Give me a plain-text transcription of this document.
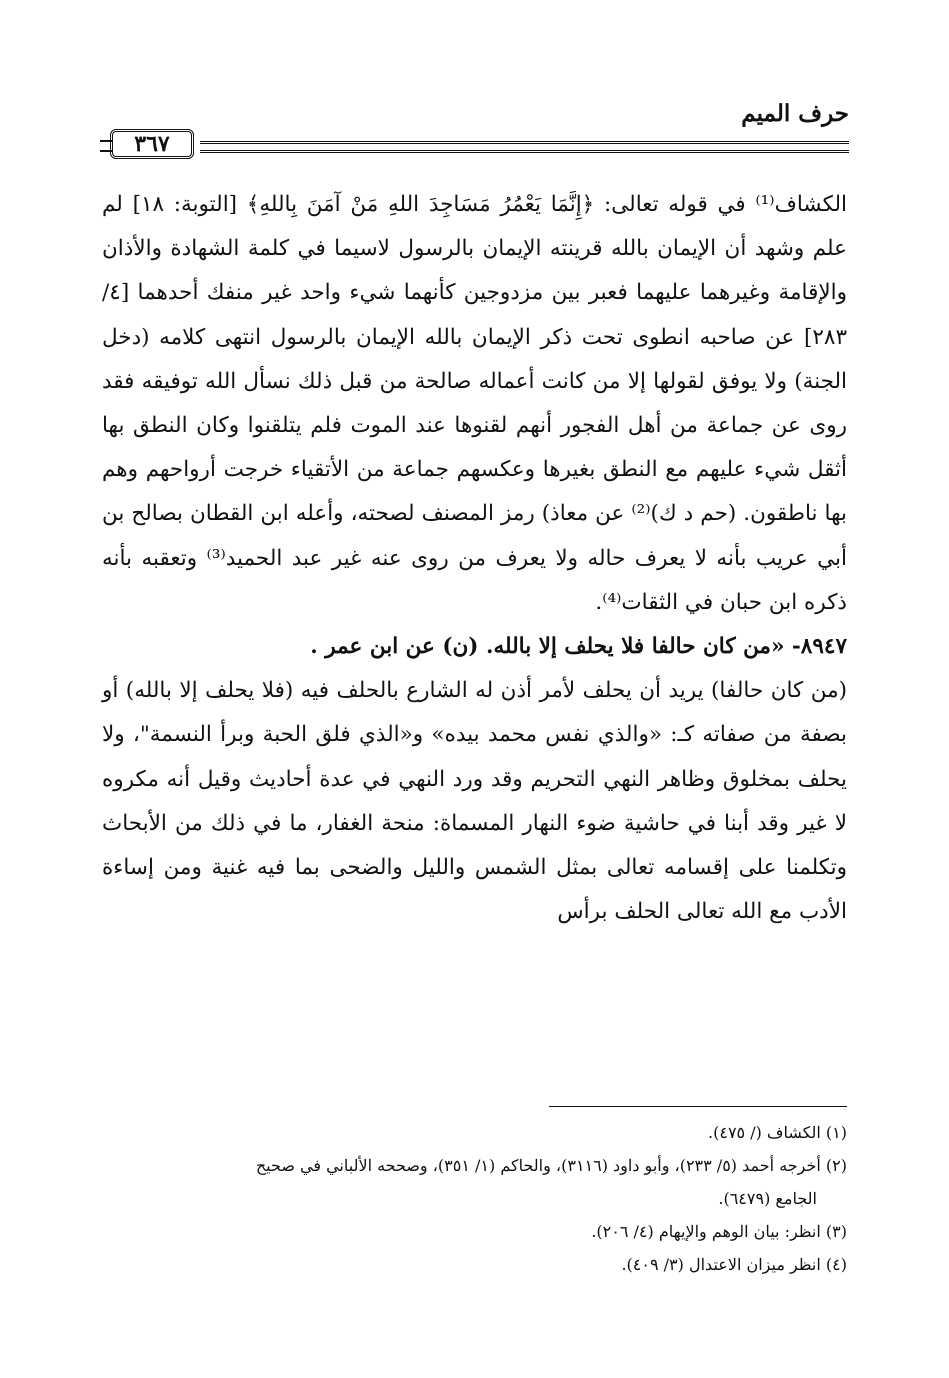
حرف الميم
٣٦٧

الكشاف⁽¹⁾ في قوله تعالى: ﴿إِنَّمَا يَعْمُرُ مَسَاجِدَ اللهِ مَنْ آمَنَ بِاللهِ﴾ [التوبة: ١٨] لم علم وشهد أن الإيمان بالله قرينته الإيمان بالرسول لاسيما في كلمة الشهادة والأذان والإقامة وغيرهما عليهما فعبر بين مزدوجين كأنهما شيء واحد غير منفك أحدهما [٤/ ٢٨٣] عن صاحبه انطوى تحت ذكر الإيمان بالله الإيمان بالرسول انتهى كلامه (دخل الجنة) ولا يوفق لقولها إلا من كانت أعماله صالحة من قبل ذلك نسأل الله توفيقه فقد روى عن جماعة من أهل الفجور أنهم لقنوها عند الموت فلم يتلقنوا وكان النطق بها أثقل شيء عليهم مع النطق بغيرها وعكسهم جماعة من الأتقياء خرجت أرواحهم وهم بها ناطقون. (حم د ك)⁽²⁾ عن معاذ) رمز المصنف لصحته، وأعله ابن القطان بصالح بن أبي عريب بأنه لا يعرف حاله ولا يعرف من روى عنه غير عبد الحميد⁽³⁾ وتعقبه بأنه ذكره ابن حبان في الثقات⁽⁴⁾.

٨٩٤٧- «من كان حالفا فلا يحلف إلا بالله. (ن) عن ابن عمر .

(من كان حالفا) يريد أن يحلف لأمر أذن له الشارع بالحلف فيه (فلا يحلف إلا بالله) أو بصفة من صفاته كـ: «والذي نفس محمد بيده» و«الذي فلق الحبة وبرأ النسمة"، ولا يحلف بمخلوق وظاهر النهي التحريم وقد ورد النهي في عدة أحاديث وقيل أنه مكروه لا غير وقد أبنا في حاشية ضوء النهار المسماة: منحة الغفار، ما في ذلك من الأبحاث وتكلمنا على إقسامه تعالى بمثل الشمس والليل والضحى بما فيه غنية ومن إساءة الأدب مع الله تعالى الحلف برأس

(١) الكشاف (/ ٤٧٥).

(٢) أخرجه أحمد (٥/ ٢٣٣)، وأبو داود (٣١١٦)، والحاكم (١/ ٣٥١)، وصححه الألباني في صحيح

الجامع (٦٤٧٩).

(٣) انظر: بيان الوهم والإيهام (٤/ ٢٠٦).

(٤) انظر ميزان الاعتدال (٣/ ٤٠٩).
